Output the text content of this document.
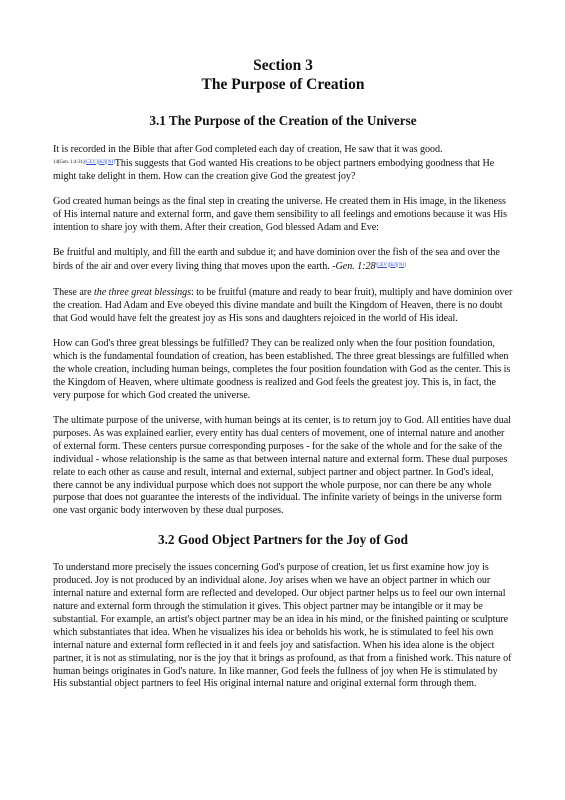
Section 3
The Purpose of Creation
3.1 The Purpose of the Creation of the Universe

It is recorded in the Bible that after God completed each day of creation, He saw that it was good.
$^{14(Gen. 1:4-31)[CEV][KJ][NI]}$This suggests that God wanted His creations to be object partners embodying goodness that He might take delight in them. How can the creation give God the greatest joy?

God created human beings as the final step in creating the universe. He created them in His image, in the likeness of His internal nature and external form, and gave them sensibility to all feelings and emotions because it was His intention to share joy with them. After their creation, God blessed Adam and Eve:

Be fruitful and multiply, and fill the earth and subdue it; and have dominion over the fish of the sea and over the birds of the air and over every living thing that moves upon the earth. -Gen. 1:28[CEV][KJ][NI]

These are the three great blessings: to be fruitful (mature and ready to bear fruit), multiply and have dominion over the creation. Had Adam and Eve obeyed this divine mandate and built the Kingdom of Heaven, there is no doubt that God would have felt the greatest joy as His sons and daughters rejoiced in the world of His ideal.

How can God's three great blessings be fulfilled? They can be realized only when the four position foundation, which is the fundamental foundation of creation, has been established. The three great blessings are fulfilled when the whole creation, including human beings, completes the four position foundation with God as the center. This is the Kingdom of Heaven, where ultimate goodness is realized and God feels the greatest joy. This is, in fact, the very purpose for which God created the universe.

The ultimate purpose of the universe, with human beings at its center, is to return joy to God. All entities have dual purposes. As was explained earlier, every entity has dual centers of movement, one of internal nature and another of external form. These centers pursue corresponding purposes - for the sake of the whole and for the sake of the individual - whose relationship is the same as that between internal nature and external form. These dual purposes relate to each other as cause and result, internal and external, subject partner and object partner. In God's ideal, there cannot be any individual purpose which does not support the whole purpose, nor can there be any whole purpose that does not guarantee the interests of the individual. The infinite variety of beings in the universe form one vast organic body interwoven by these dual purposes.

3.2 Good Object Partners for the Joy of God

To understand more precisely the issues concerning God's purpose of creation, let us first examine how joy is produced. Joy is not produced by an individual alone. Joy arises when we have an object partner in which our internal nature and external form are reflected and developed. Our object partner helps us to feel our own internal nature and external form through the stimulation it gives. This object partner may be intangible or it may be substantial. For example, an artist's object partner may be an idea in his mind, or the finished painting or sculpture which substantiates that idea. When he visualizes his idea or beholds his work, he is stimulated to feel his own internal nature and external form reflected in it and feels joy and satisfaction. When his idea alone is the object partner, it is not as stimulating, nor is the joy that it brings as profound, as that from a finished work. This nature of human beings originates in God's nature. In like manner, God feels the fullness of joy when He is stimulated by His substantial object partners to feel His original internal nature and original external form through them.
